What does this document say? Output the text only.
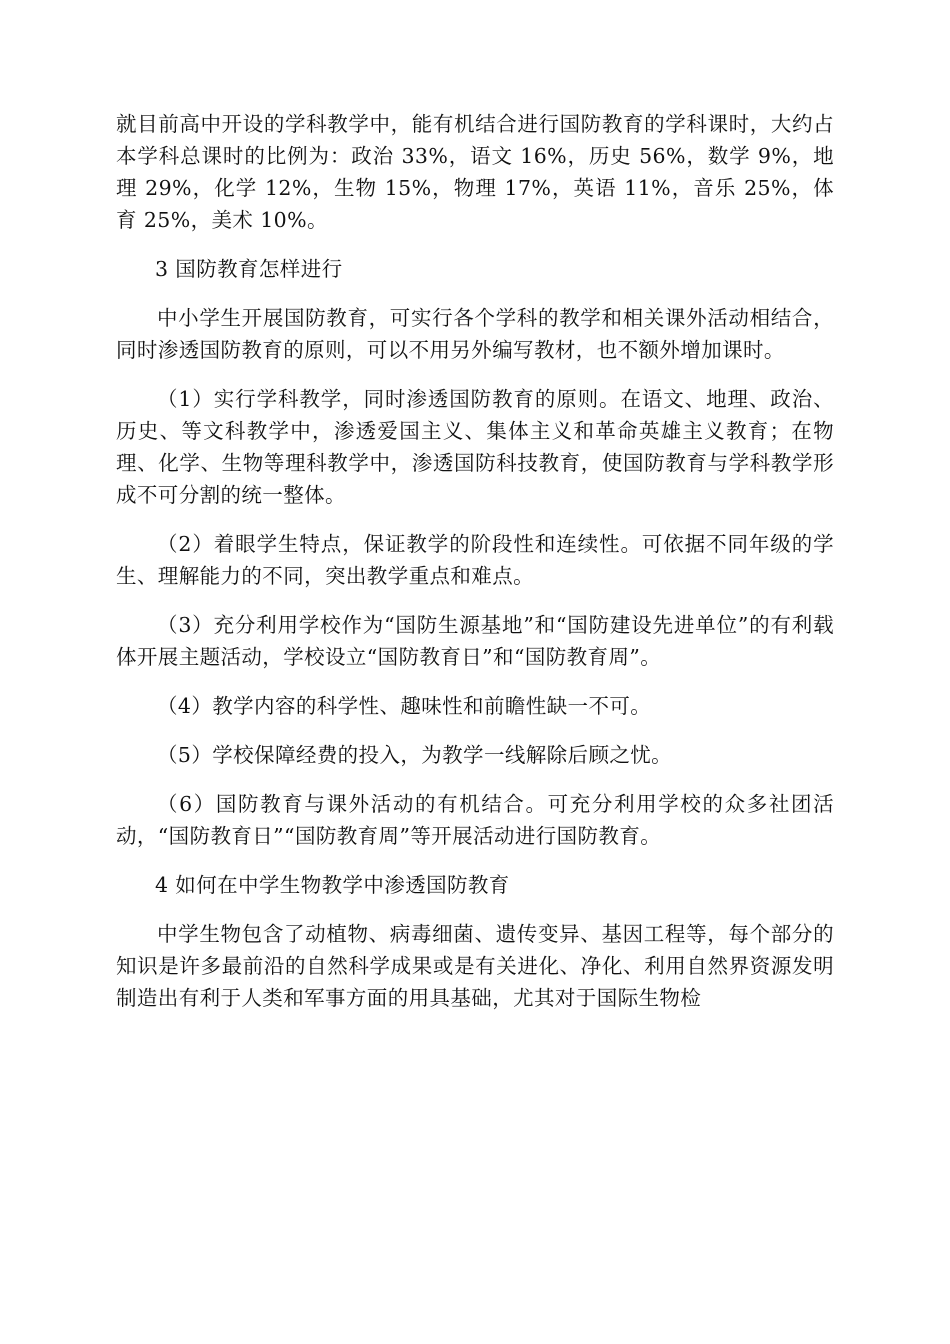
就目前高中开设的学科教学中，能有机结合进行国防教育的学科课时，大约占本学科总课时的比例为：政治 33%，语文 16%，历史 56%，数学 9%，地理 29%，化学 12%，生物 15%，物理 17%，英语 11%，音乐 25%，体育 25%，美术 10%。

3 国防教育怎样进行

中小学生开展国防教育，可实行各个学科的教学和相关课外活动相结合，同时渗透国防教育的原则，可以不用另外编写教材，也不额外增加课时。

（1）实行学科教学，同时渗透国防教育的原则。在语文、地理、政治、历史、等文科教学中，渗透爱国主义、集体主义和革命英雄主义教育；在物理、化学、生物等理科教学中，渗透国防科技教育，使国防教育与学科教学形成不可分割的统一整体。

（2）着眼学生特点，保证教学的阶段性和连续性。可依据不同年级的学生、理解能力的不同，突出教学重点和难点。

（3）充分利用学校作为“国防生源基地”和“国防建设先进单位”的有利载体开展主题活动，学校设立“国防教育日”和“国防教育周”。

（4）教学内容的科学性、趣味性和前瞻性缺一不可。

（5）学校保障经费的投入，为教学一线解除后顾之忧。

（6）国防教育与课外活动的有机结合。可充分利用学校的众多社团活动，“国防教育日”“国防教育周”等开展活动进行国防教育。

4 如何在中学生物教学中渗透国防教育

中学生物包含了动植物、病毒细菌、遗传变异、基因工程等，每个部分的知识是许多最前沿的自然科学成果或是有关进化、净化、利用自然界资源发明制造出有利于人类和军事方面的用具基础，尤其对于国际生物检
